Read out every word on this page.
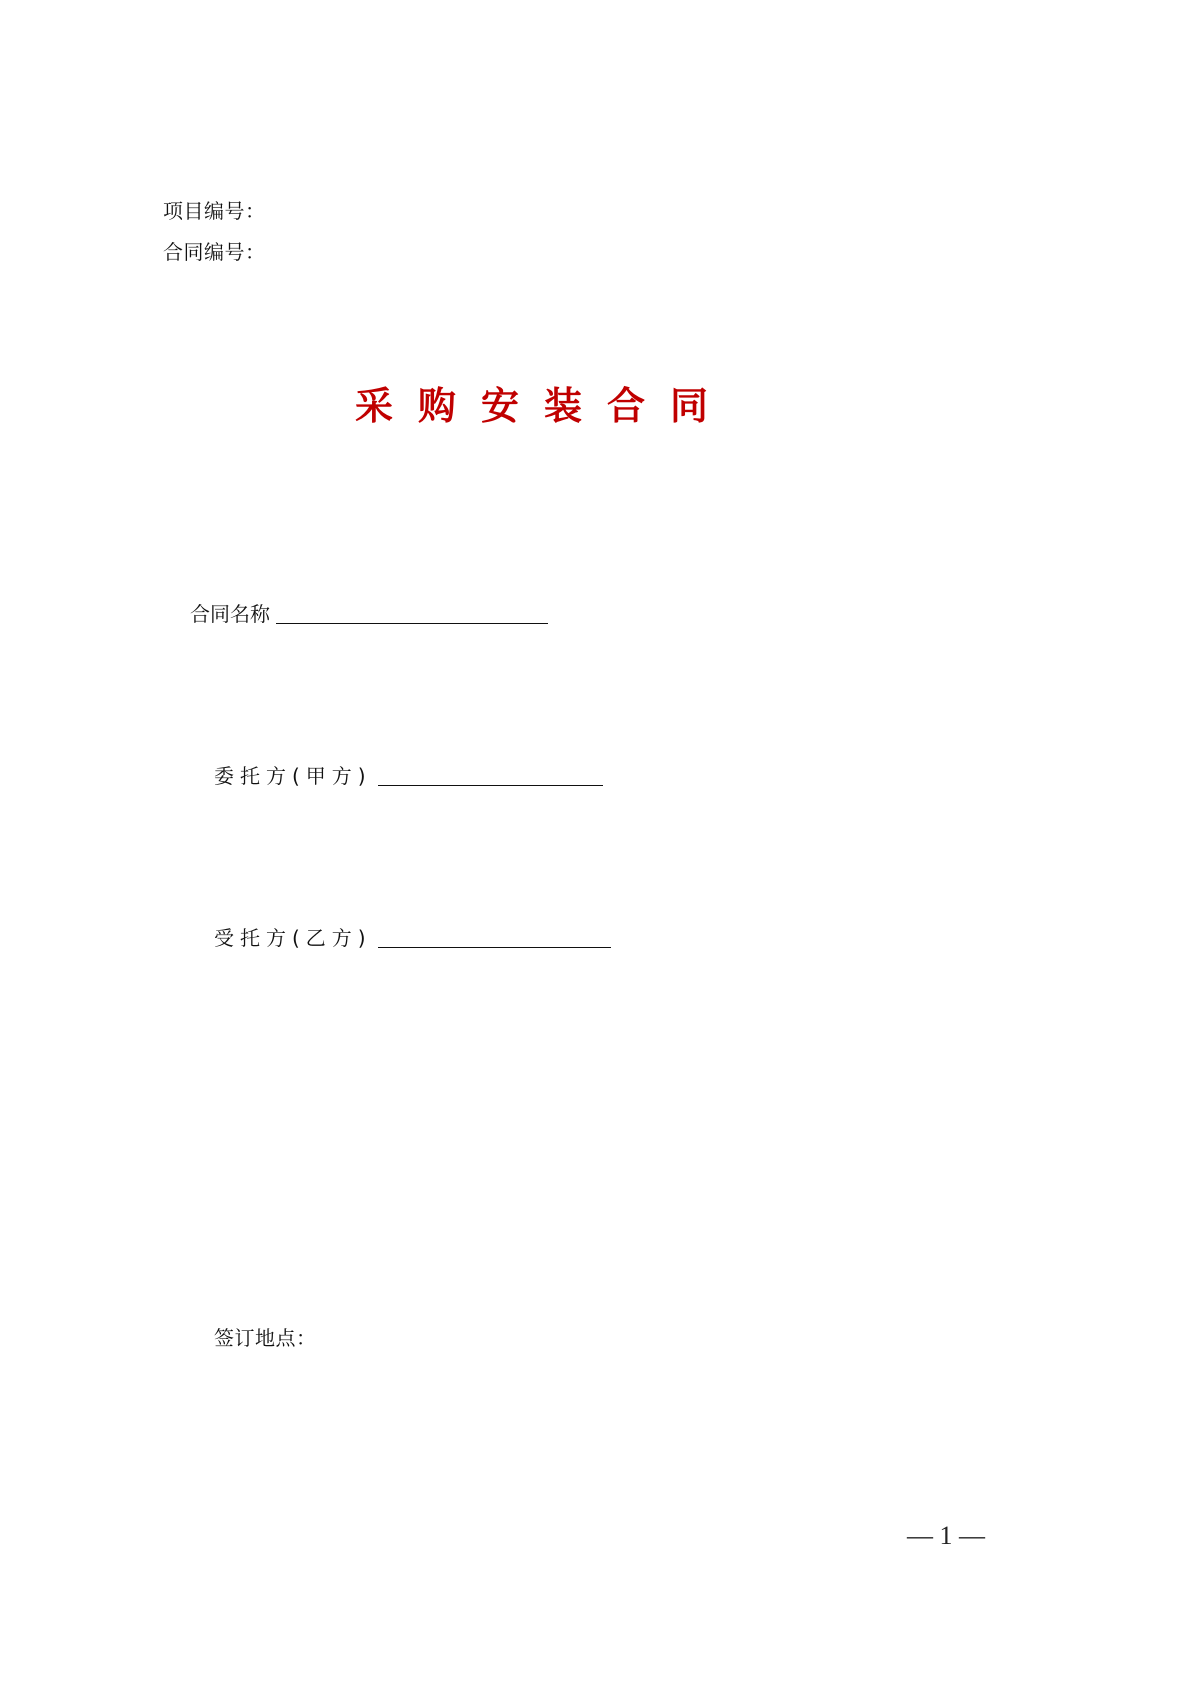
项目编号：
合同编号：
采购安装合同
合同名称
委托方(甲方)
受托方(乙方)
签订地点：
— 1 —
